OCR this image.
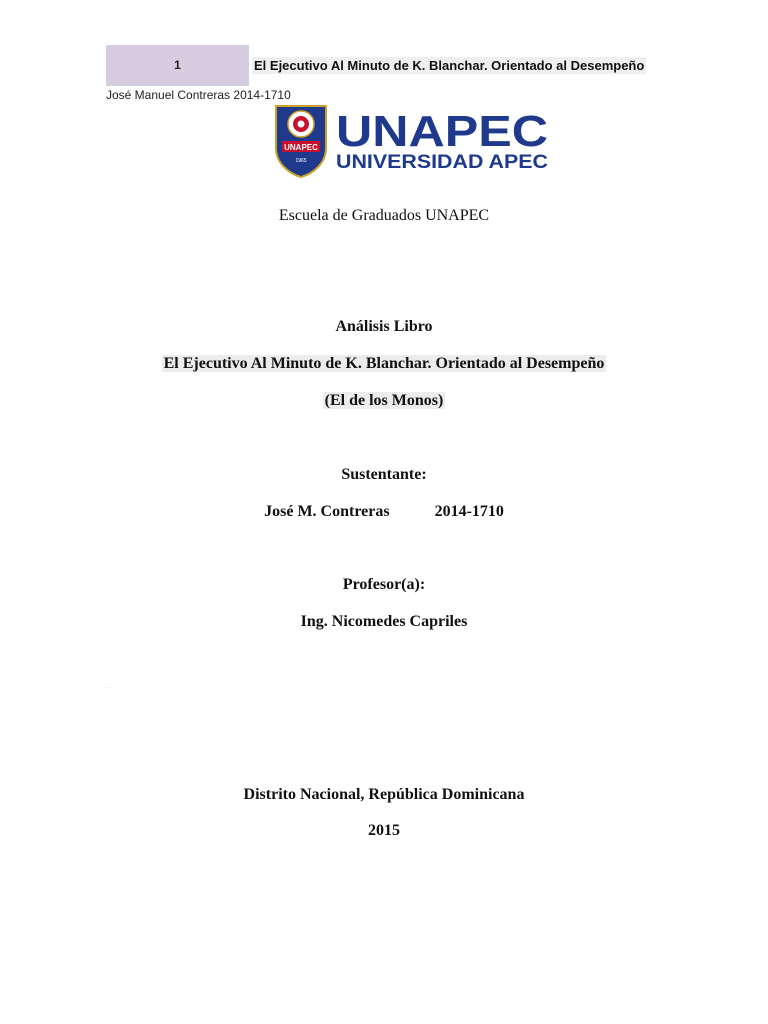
1	El Ejecutivo Al Minuto de K. Blanchar. Orientado al Desempeño
José Manuel Contreras 2014-1710
UNAPEC
1965
UNAPEC
UNIVERSIDAD APEC
Escuela de Graduados UNAPEC
Análisis Libro
El Ejecutivo Al Minuto de K. Blanchar. Orientado al Desempeño
(El de los Monos)
Sustentante:
José M. Contreras	2014-1710
Profesor(a):
Ing. Nicomedes Capriles
‧ ‧ ‧
Distrito Nacional, República Dominicana
2015
